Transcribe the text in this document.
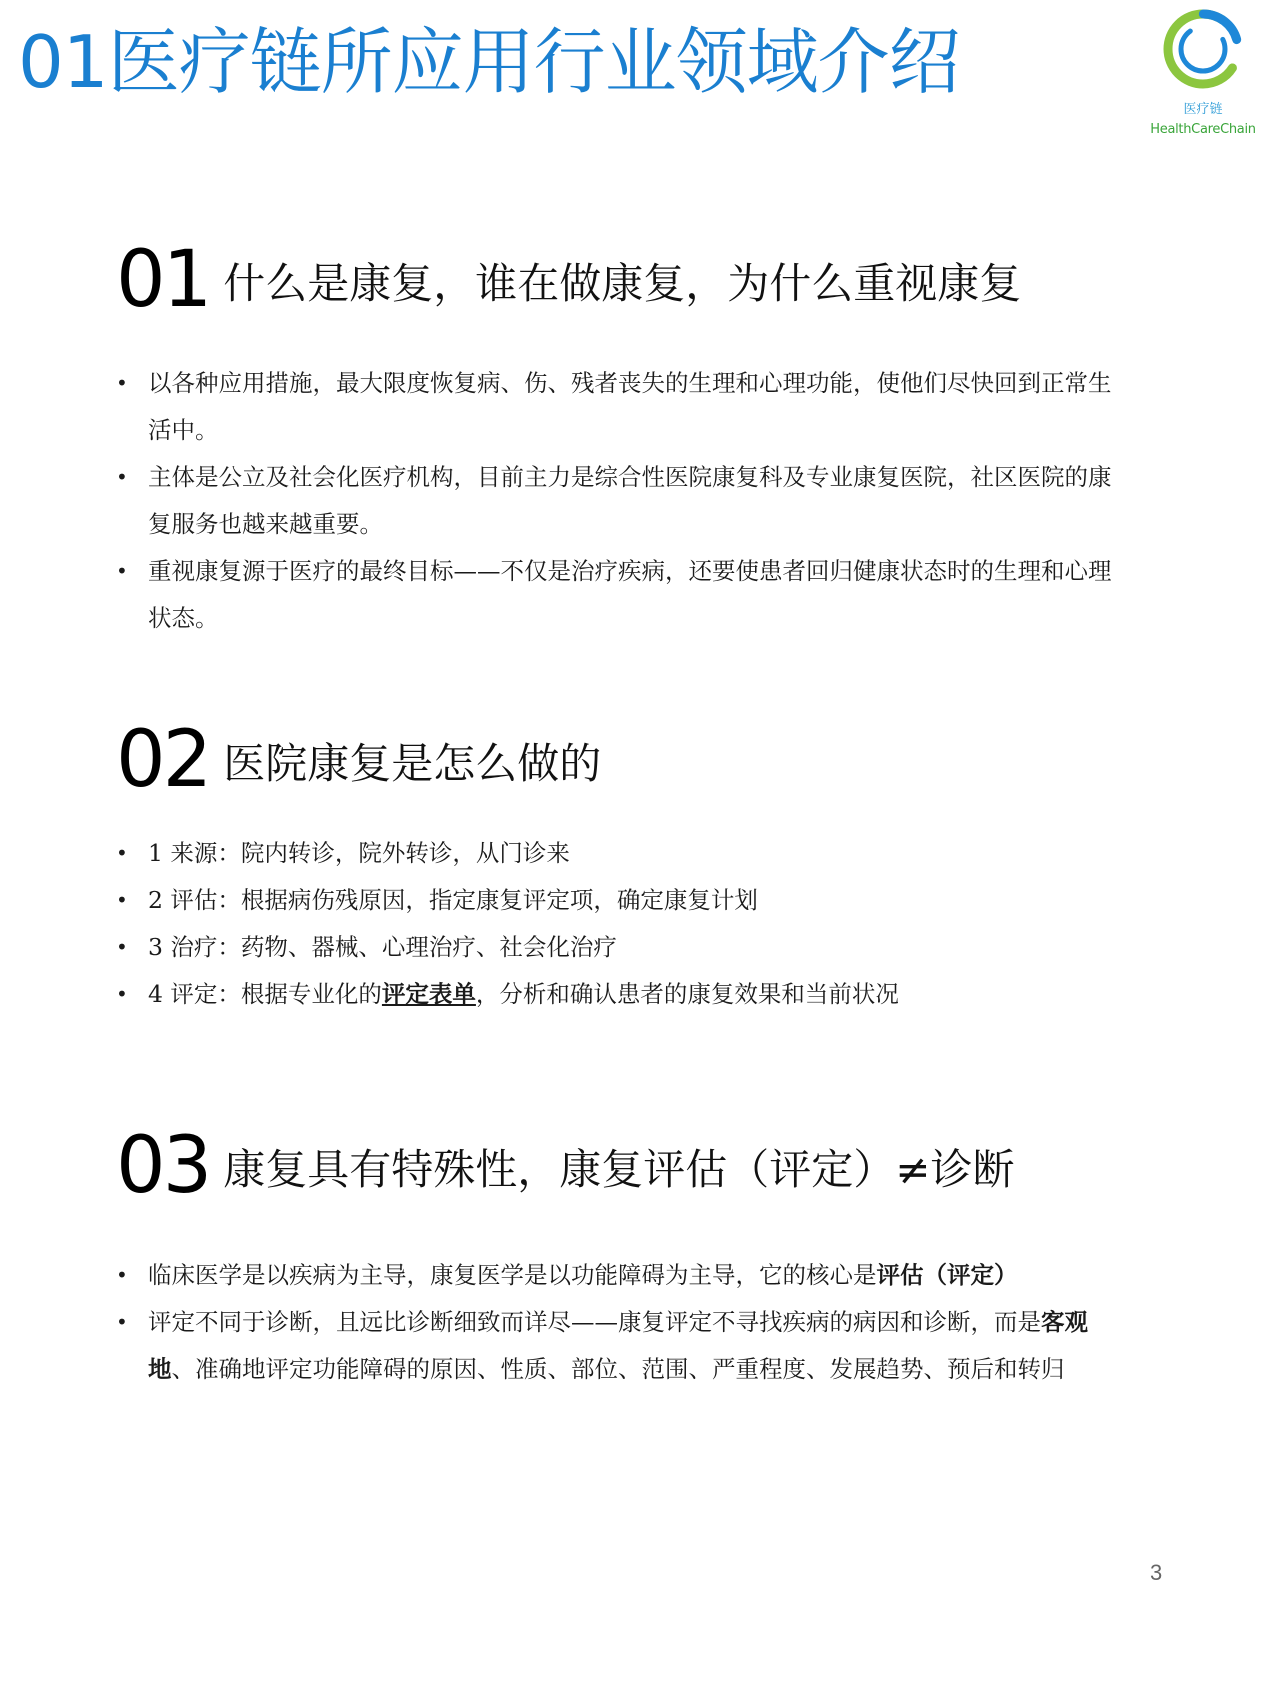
01医疗链所应用行业领域介绍
医疗链
HealthCareChain
01 什么是康复，谁在做康复，为什么重视康复
• 以各种应用措施，最大限度恢复病、伤、残者丧失的生理和心理功能，使他们尽快回到正常生活中。
• 主体是公立及社会化医疗机构，目前主力是综合性医院康复科及专业康复医院，社区医院的康复服务也越来越重要。
• 重视康复源于医疗的最终目标——不仅是治疗疾病，还要使患者回归健康状态时的生理和心理状态。
02 医院康复是怎么做的
• 1 来源：院内转诊，院外转诊，从门诊来
• 2 评估：根据病伤残原因，指定康复评定项，确定康复计划
• 3 治疗：药物、器械、心理治疗、社会化治疗
• 4 评定：根据专业化的评定表单，分析和确认患者的康复效果和当前状况
03 康复具有特殊性，康复评估（评定）≠诊断
• 临床医学是以疾病为主导，康复医学是以功能障碍为主导，它的核心是评估（评定）
• 评定不同于诊断，且远比诊断细致而详尽——康复评定不寻找疾病的病因和诊断，而是客观地、准确地评定功能障碍的原因、性质、部位、范围、严重程度、发展趋势、预后和转归
3
